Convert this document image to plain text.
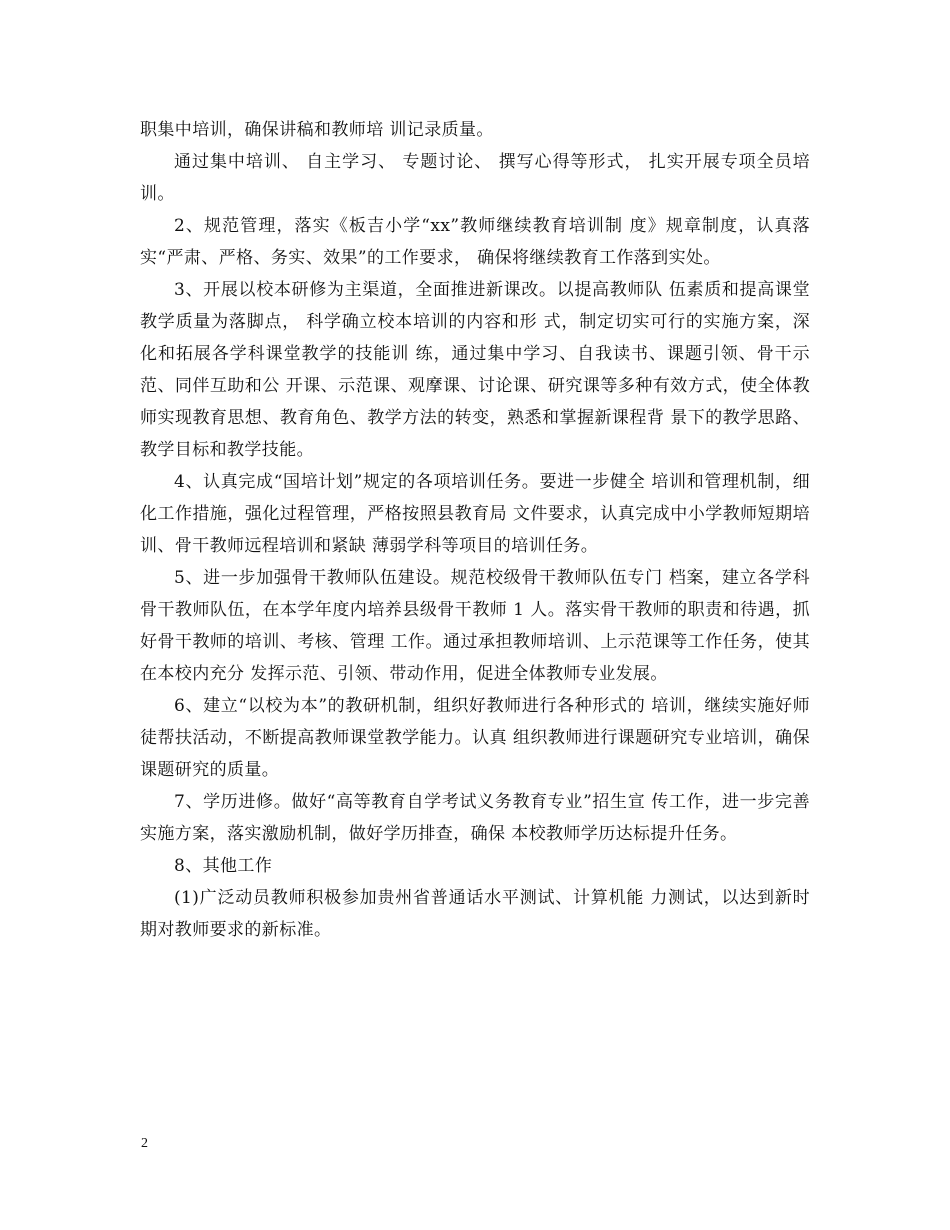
职集中培训，确保讲稿和教师培 训记录质量。

通过集中培训、 自主学习、 专题讨论、 撰写心得等形式， 扎实开展专项全员培训。

2、规范管理，落实《板吉小学“xx”教师继续教育培训制 度》规章制度，认真落实“严肃、严格、务实、效果”的工作要求， 确保将继续教育工作落到实处。

3、开展以校本研修为主渠道，全面推进新课改。以提高教师队 伍素质和提高课堂教学质量为落脚点， 科学确立校本培训的内容和形 式，制定切实可行的实施方案，深化和拓展各学科课堂教学的技能训 练，通过集中学习、自我读书、课题引领、骨干示范、同伴互助和公 开课、示范课、观摩课、讨论课、研究课等多种有效方式，使全体教 师实现教育思想、教育角色、教学方法的转变，熟悉和掌握新课程背 景下的教学思路、教学目标和教学技能。

4、认真完成“国培计划”规定的各项培训任务。要进一步健全 培训和管理机制，细化工作措施，强化过程管理，严格按照县教育局 文件要求，认真完成中小学教师短期培训、骨干教师远程培训和紧缺 薄弱学科等项目的培训任务。

5、进一步加强骨干教师队伍建设。规范校级骨干教师队伍专门 档案，建立各学科骨干教师队伍，在本学年度内培养县级骨干教师 1 人。落实骨干教师的职责和待遇，抓好骨干教师的培训、考核、管理 工作。通过承担教师培训、上示范课等工作任务，使其在本校内充分 发挥示范、引领、带动作用，促进全体教师专业发展。

6、建立“以校为本”的教研机制，组织好教师进行各种形式的 培训，继续实施好师徒帮扶活动，不断提高教师课堂教学能力。认真 组织教师进行课题研究专业培训，确保课题研究的质量。

7、学历进修。做好“高等教育自学考试义务教育专业”招生宣 传工作，进一步完善实施方案，落实激励机制，做好学历排查，确保 本校教师学历达标提升任务。

8、其他工作

(1)广泛动员教师积极参加贵州省普通话水平测试、计算机能 力测试，以达到新时期对教师要求的新标准。

2
